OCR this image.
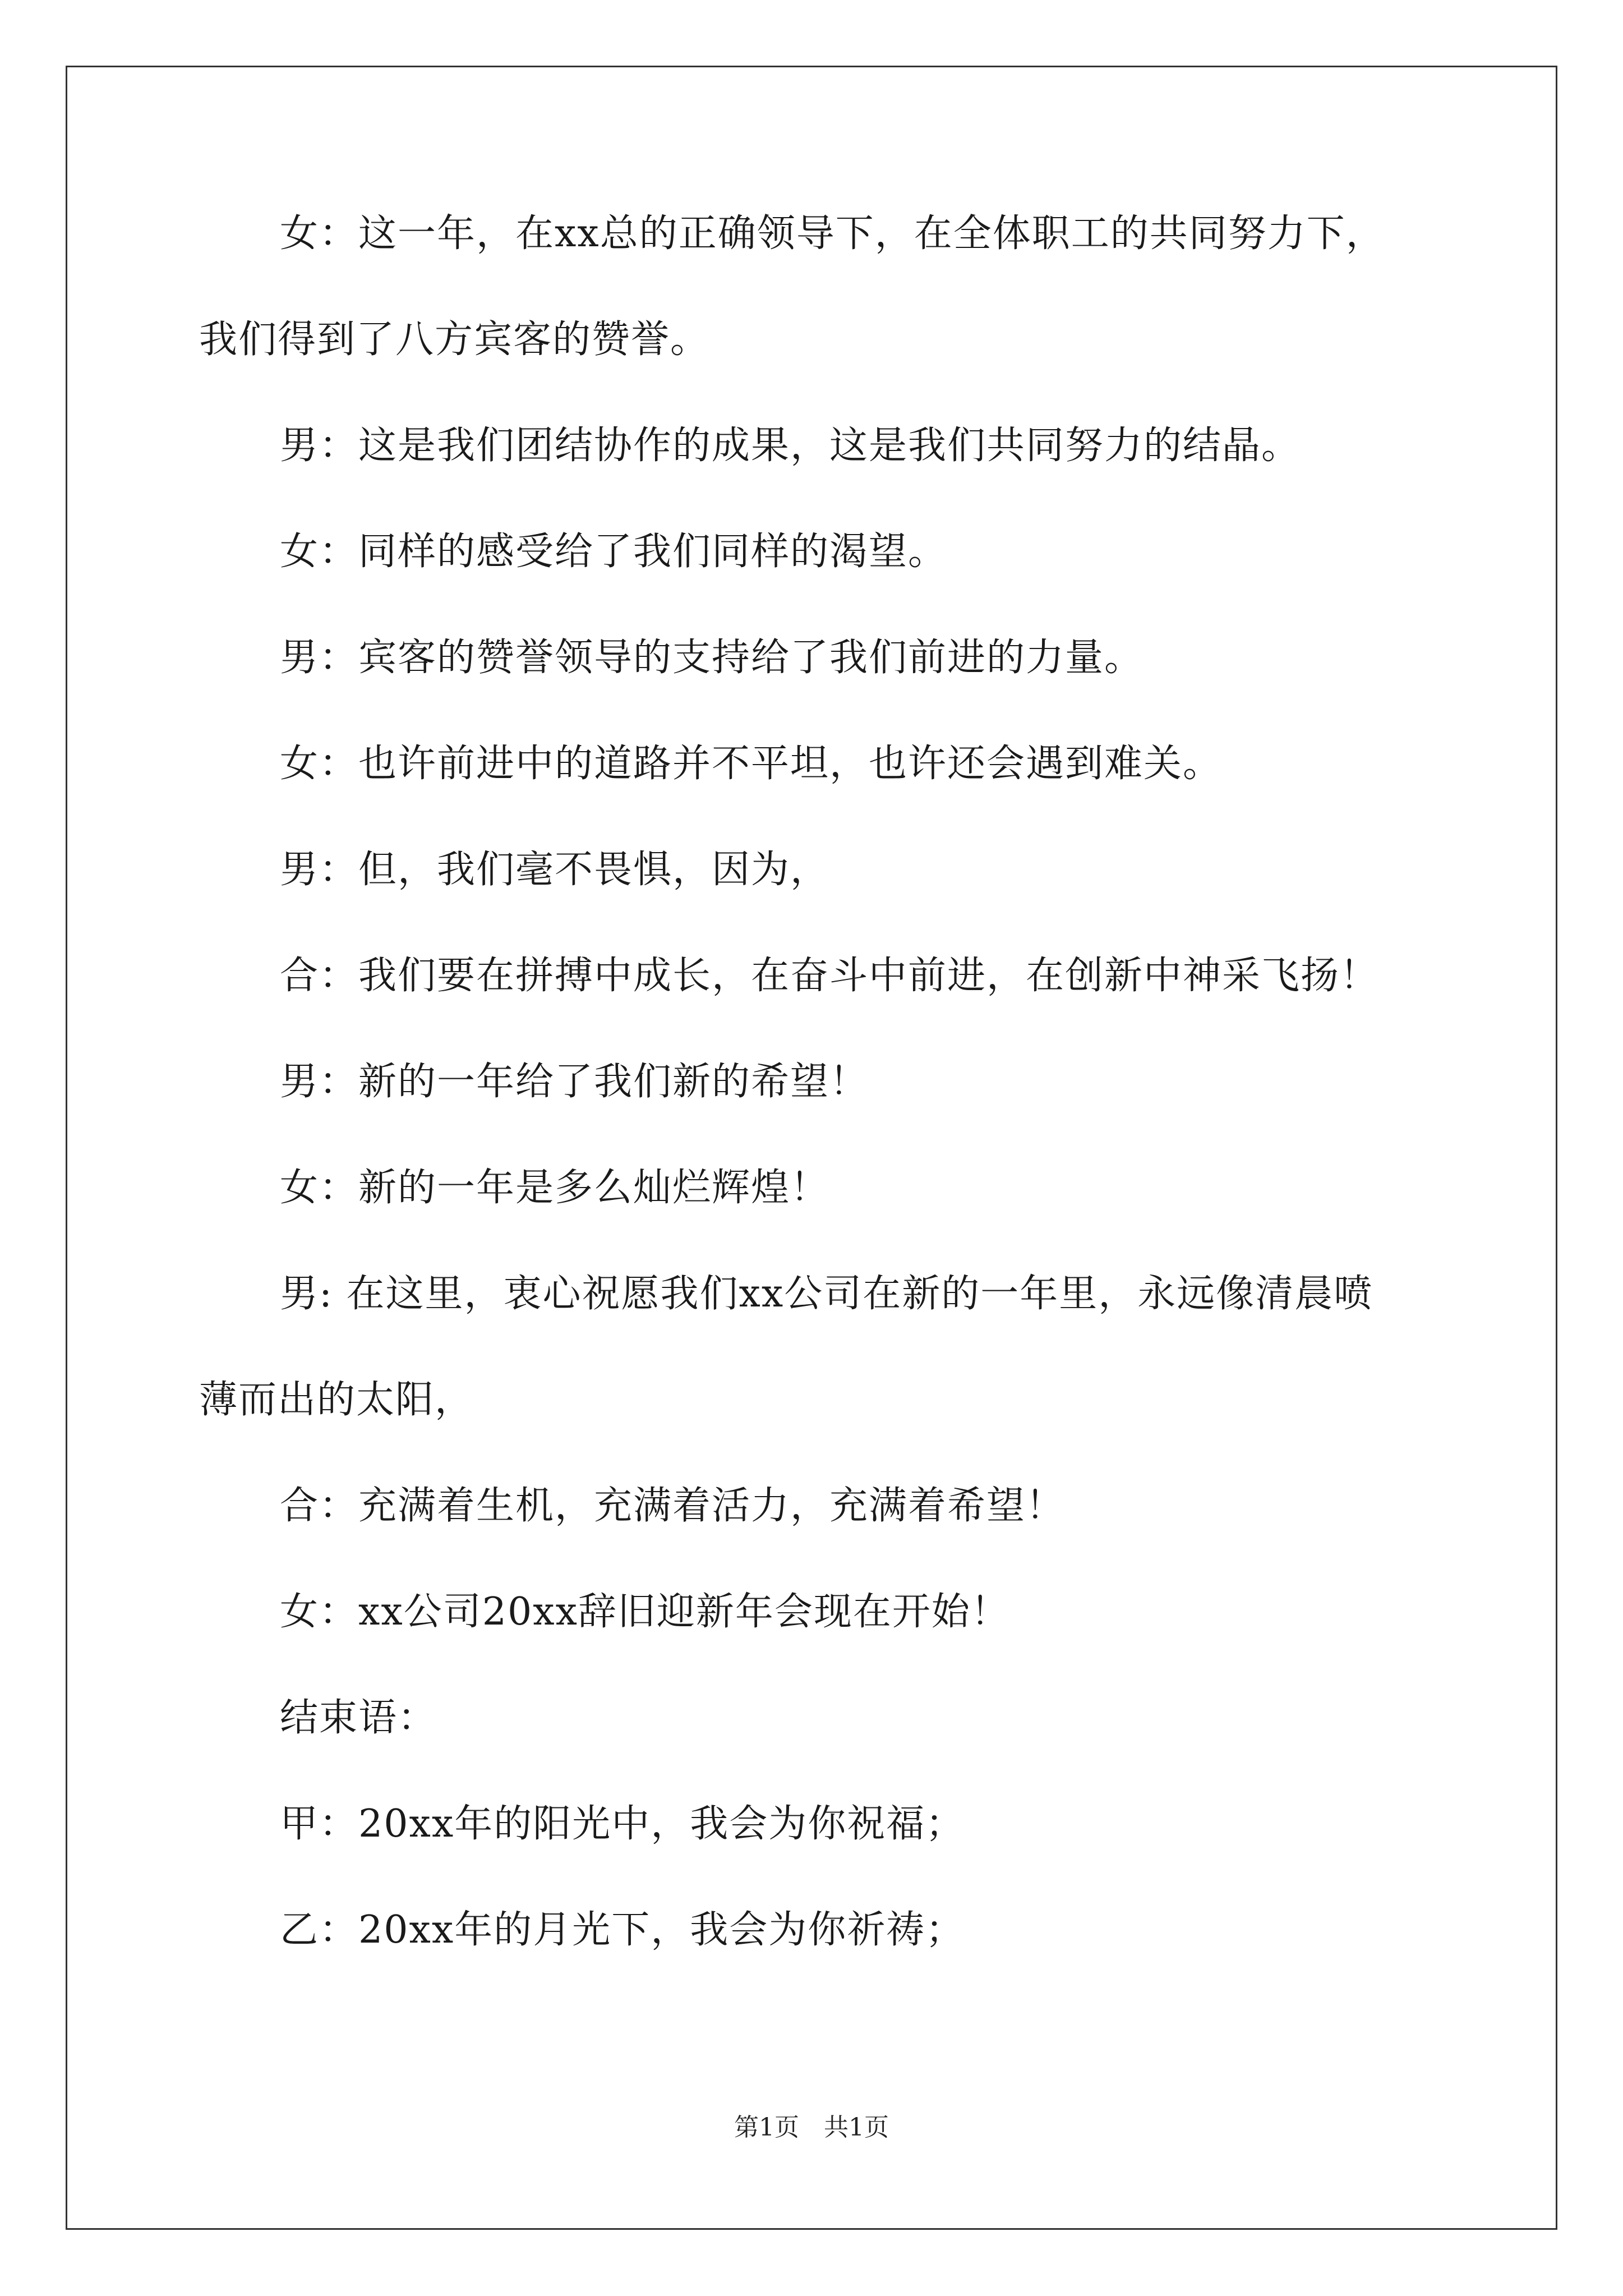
女：这一年，在xx总的正确领导下，在全体职工的共同努力下，
我们得到了八方宾客的赞誉。

男：这是我们团结协作的成果，这是我们共同努力的结晶。

女：同样的感受给了我们同样的渴望。

男：宾客的赞誉领导的支持给了我们前进的力量。

女：也许前进中的道路并不平坦，也许还会遇到难关。

男：但，我们毫不畏惧，因为，

合：我们要在拼搏中成长，在奋斗中前进，在创新中神采飞扬！

男：新的一年给了我们新的希望！

女：新的一年是多么灿烂辉煌！

男: 在这里，衷心祝愿我们xx公司在新的一年里，永远像清晨喷
薄而出的太阳，

合：充满着生机，充满着活力，充满着希望！

女：xx公司20xx辞旧迎新年会现在开始！

结束语：

甲：20xx年的阳光中，我会为你祝福；

乙：20xx年的月光下，我会为你祈祷；

第1页　共1页
